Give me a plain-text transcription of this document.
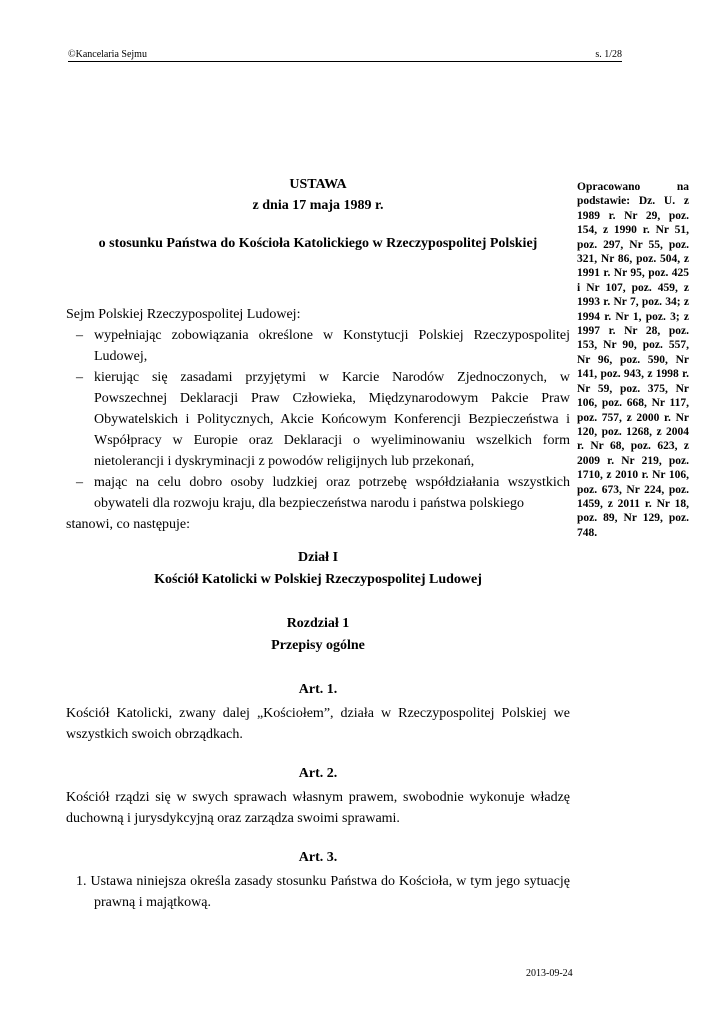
©Kancelaria Sejmu	s. 1/28
USTAWA
z dnia 17 maja 1989 r.
o stosunku Państwa do Kościoła Katolickiego w Rzeczypospolitej Polskiej
Sejm Polskiej Rzeczypospolitej Ludowej:
– wypełniając zobowiązania określone w Konstytucji Polskiej Rzeczypospolitej Ludowej,
– kierując się zasadami przyjętymi w Karcie Narodów Zjednoczonych, w Powszechnej Deklaracji Praw Człowieka, Międzynarodowym Pakcie Praw Obywatelskich i Politycznych, Akcie Końcowym Konferencji Bezpieczeństwa i Współpracy w Europie oraz Deklaracji o wyeliminowaniu wszelkich form nietolerancji i dyskryminacji z powodów religijnych lub przekonań,
– mając na celu dobro osoby ludzkiej oraz potrzebę współdziałania wszystkich obywateli dla rozwoju kraju, dla bezpieczeństwa narodu i państwa polskiego
stanowi, co następuje:
Dział I
Kościół Katolicki w Polskiej Rzeczypospolitej Ludowej
Rozdział 1
Przepisy ogólne
Art. 1.
Kościół Katolicki, zwany dalej „Kościołem”, działa w Rzeczypospolitej Polskiej we wszystkich swoich obrządkach.
Art. 2.
Kościół rządzi się w swych sprawach własnym prawem, swobodnie wykonuje władzę duchowną i jurysdykcyjną oraz zarządza swoimi sprawami.
Art. 3.
1. Ustawa niniejsza określa zasady stosunku Państwa do Kościoła, w tym jego sytuację prawną i majątkową.
Opracowano na podstawie: Dz. U. z 1989 r. Nr 29, poz. 154, z 1990 r. Nr 51, poz. 297, Nr 55, poz. 321, Nr 86, poz. 504, z 1991 r. Nr 95, poz. 425 i Nr 107, poz. 459, z 1993 r. Nr 7, poz. 34; z 1994 r. Nr 1, poz. 3; z 1997 r. Nr 28, poz. 153, Nr 90, poz. 557, Nr 96, poz. 590, Nr 141, poz. 943, z 1998 r. Nr 59, poz. 375, Nr 106, poz. 668, Nr 117, poz. 757, z 2000 r. Nr 120, poz. 1268, z 2004 r. Nr 68, poz. 623, z 2009 r. Nr 219, poz. 1710, z 2010 r. Nr 106, poz. 673, Nr 224, poz. 1459, z 2011 r. Nr 18, poz. 89, Nr 129, poz. 748.
2013-09-24
